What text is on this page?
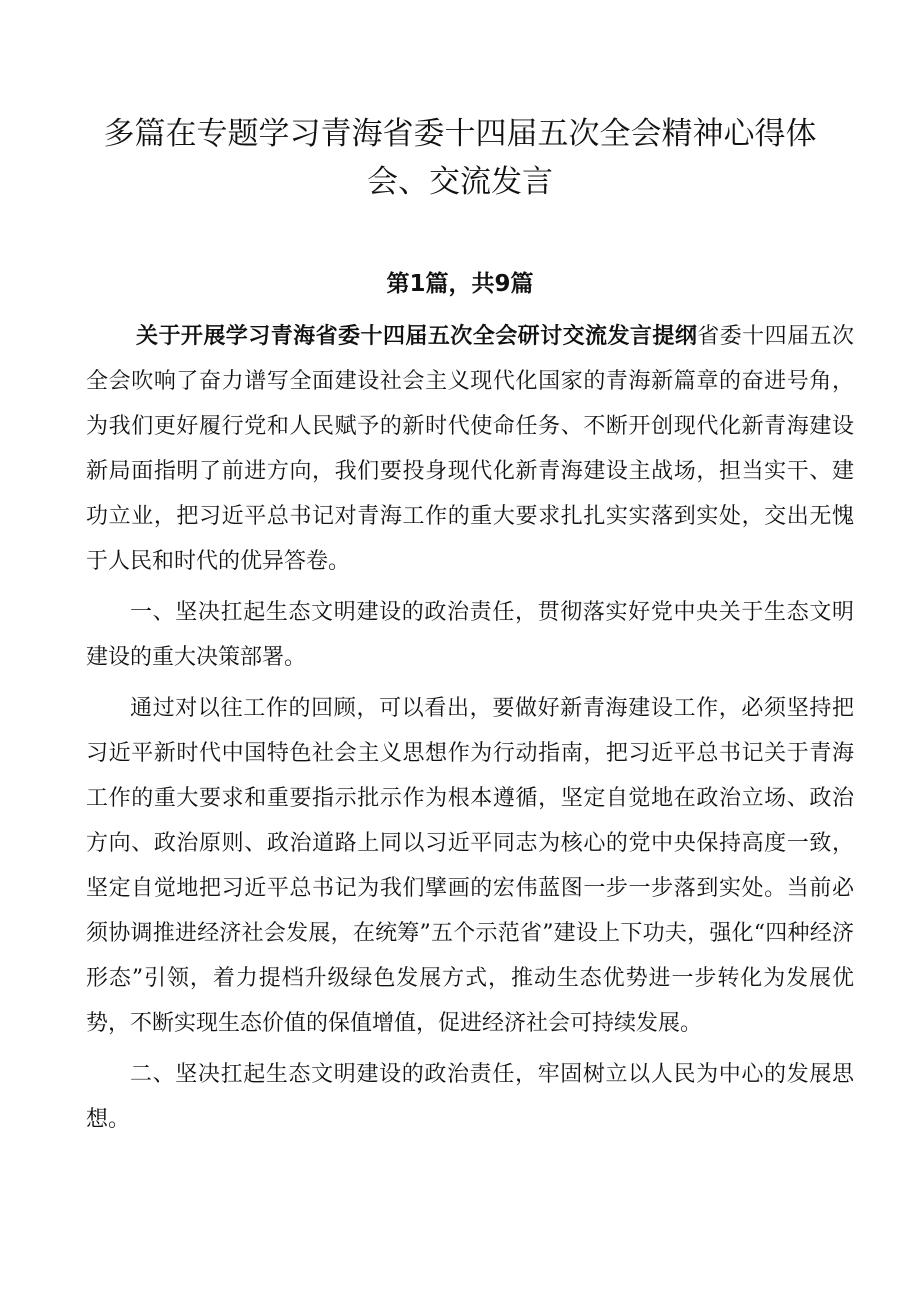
多篇在专题学习青海省委十四届五次全会精神心得体
会、交流发言
第1篇，共9篇

关于开展学习青海省委十四届五次全会研讨交流发言提纲省委十四届五次全会吹响了奋力谱写全面建设社会主义现代化国家的青海新篇章的奋进号角，为我们更好履行党和人民赋予的新时代使命任务、不断开创现代化新青海建设新局面指明了前进方向，我们要投身现代化新青海建设主战场，担当实干、建功立业，把习近平总书记对青海工作的重大要求扎扎实实落到实处，交出无愧于人民和时代的优异答卷。

一、坚决扛起生态文明建设的政治责任，贯彻落实好党中央关于生态文明建设的重大决策部署。

通过对以往工作的回顾，可以看出，要做好新青海建设工作，必须坚持把习近平新时代中国特色社会主义思想作为行动指南，把习近平总书记关于青海工作的重大要求和重要指示批示作为根本遵循，坚定自觉地在政治立场、政治方向、政治原则、政治道路上同以习近平同志为核心的党中央保持高度一致，坚定自觉地把习近平总书记为我们擘画的宏伟蓝图一步一步落到实处。当前必须协调推进经济社会发展，在统筹”五个示范省”建设上下功夫，强化“四种经济形态”引领，着力提档升级绿色发展方式，推动生态优势进一步转化为发展优势，不断实现生态价值的保值增值，促进经济社会可持续发展。

二、坚决扛起生态文明建设的政治责任，牢固树立以人民为中心的发展思想。
